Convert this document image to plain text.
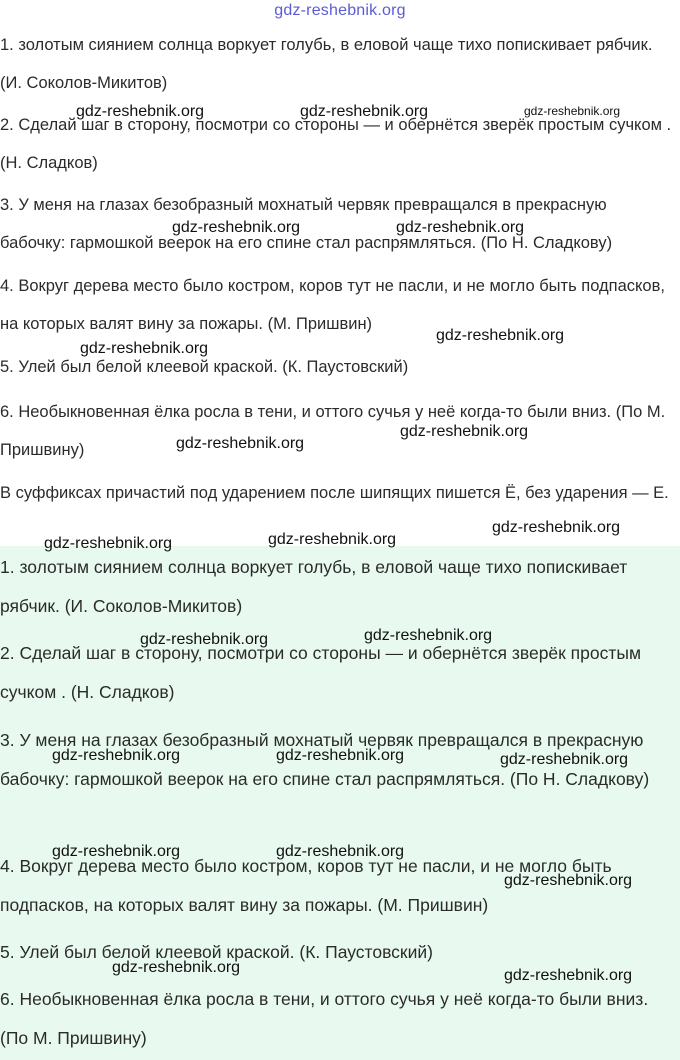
gdz-reshebnik.org

1. золотым сиянием солнца воркует голубь, в еловой чаще тихо попискивает рябчик. (И. Соколов-Микитов)

2. Сделай шаг в сторону, посмотри со стороны — и обернётся зверёк простым сучком . (Н. Сладков)

3. У меня на глазах безобразный мохнатый червяк превращался в прекрасную бабочку: гармошкой веерок на его спине стал распрямляться. (По Н. Сладкову)

4. Вокруг дерева место было костром, коров тут не пасли, и не могло быть подпасков, на которых валят вину за пожары. (М. Пришвин)

5. Улей был белой клеевой краской. (К. Паустовский)

6. Необыкновенная ёлка росла в тени, и оттого сучья у неё когда-то были вниз. (По М. Пришвину)

В суффиксах причастий под ударением после шипящих пишется Ё, без ударения — Е.

1. золотым сиянием солнца воркует голубь, в еловой чаще тихо попискивает рябчик. (И. Соколов-Микитов)

2. Сделай шаг в сторону, посмотри со стороны — и обернётся зверёк простым сучком . (Н. Сладков)

3. У меня на глазах безобразный мохнатый червяк превращался в прекрасную бабочку: гармошкой веерок на его спине стал распрямляться. (По Н. Сладкову)

4. Вокруг дерева место было костром, коров тут не пасли, и не могло быть подпасков, на которых валят вину за пожары. (М. Пришвин)

5. Улей был белой клеевой краской. (К. Паустовский)

6. Необыкновенная ёлка росла в тени, и оттого сучья у неё когда-то были вниз. (По М. Пришвину)

gdz-reshebnik.org	gdz-reshebnik.org	gdz-reshebnik.org
gdz-reshebnik.org	gdz-reshebnik.org
gdz-reshebnik.org
gdz-reshebnik.org
gdz-reshebnik.org
gdz-reshebnik.org
gdz-reshebnik.org
gdz-reshebnik.org	gdz-reshebnik.org
gdz-reshebnik.org	gdz-reshebnik.org
gdz-reshebnik.org	gdz-reshebnik.org	gdz-reshebnik.org
gdz-reshebnik.org	gdz-reshebnik.org
gdz-reshebnik.org
gdz-reshebnik.org	gdz-reshebnik.org
